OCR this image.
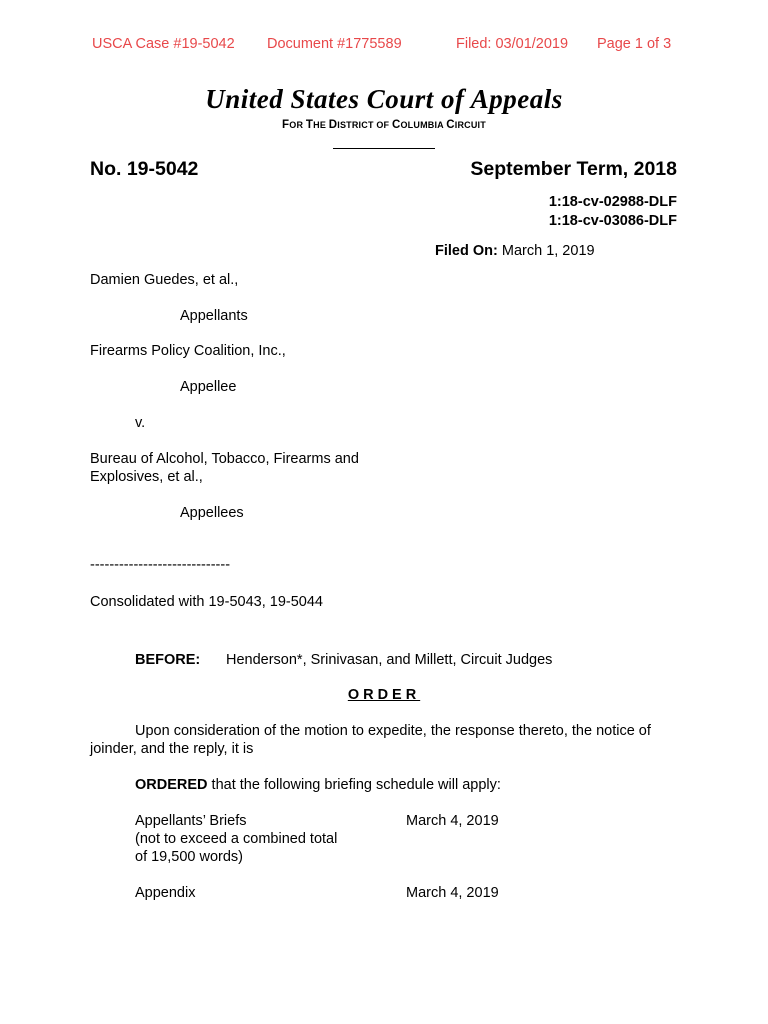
USCA Case #19-5042 Document #1775589	Filed: 03/01/2019 Page 1 of 3
United States Court of Appeals
FOR THE DISTRICT OF COLUMBIA CIRCUIT
No. 19-5042	September Term, 2018
1:18-cv-02988-DLF
1:18-cv-03086-DLF
Filed On: March 1, 2019
Damien Guedes, et al.,
Appellants
Firearms Policy Coalition, Inc.,
Appellee
v.
Bureau of Alcohol, Tobacco, Firearms and
Explosives, et al.,
Appellees
-----------------------------
Consolidated with 19-5043, 19-5044
BEFORE: Henderson*, Srinivasan, and Millett, Circuit Judges
ORDER
Upon consideration of the motion to expedite, the response thereto, the notice of
joinder, and the reply, it is
ORDERED that the following briefing schedule will apply:
Appellants’ Briefs
(not to exceed a combined total
of 19,500 words)
March 4, 2019
Appendix	March 4, 2019
